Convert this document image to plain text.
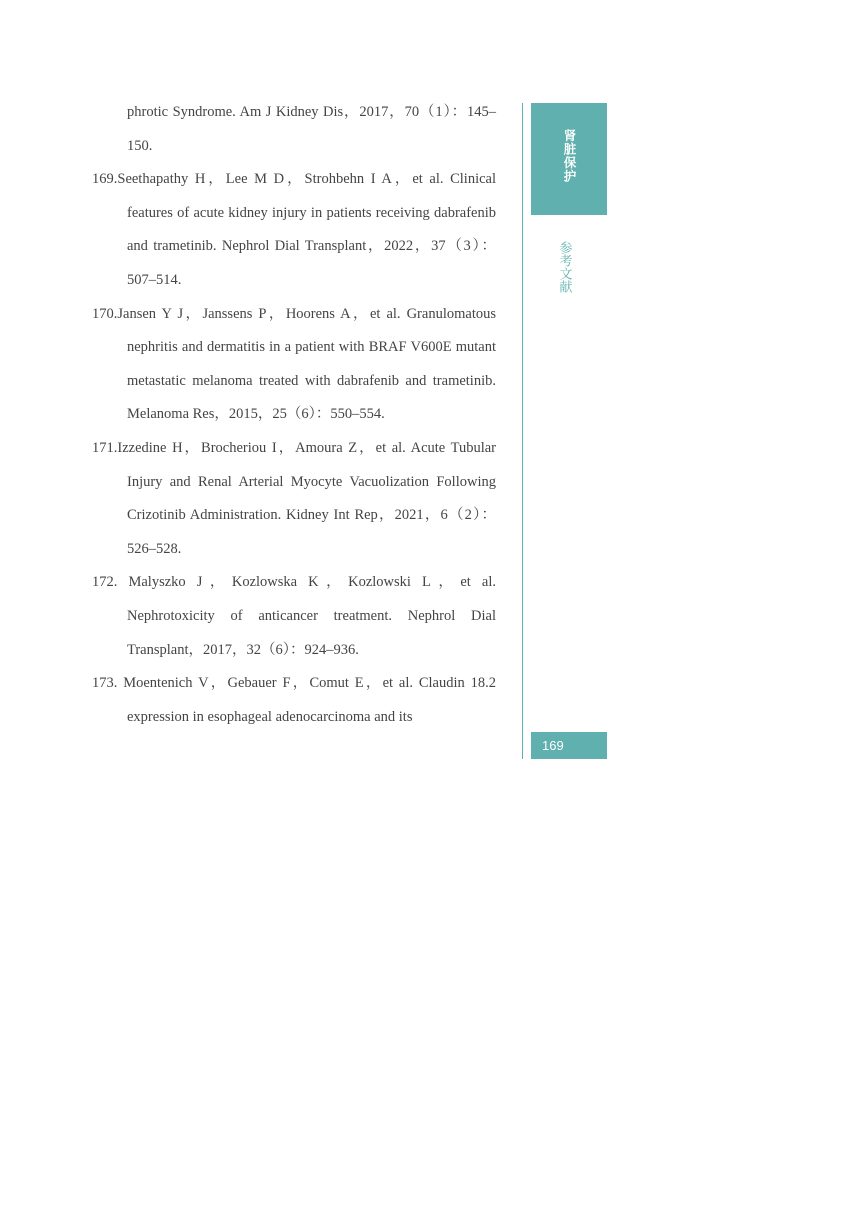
phrotic Syndrome. Am J Kidney Dis，2017，70（1）：145–150.

169.Seethapathy H，Lee M D，Strohbehn I A，et al. Clinical features of acute kidney injury in patients receiving dabrafenib and trametinib. Nephrol Dial Transplant，2022，37（3）：507–514.

170.Jansen Y J，Janssens P，Hoorens A，et al. Granulomatous nephritis and dermatitis in a patient with BRAF V600E mutant metastatic melanoma treated with dabrafenib and trametinib. Melanoma Res，2015，25（6）：550–554.

171.Izzedine H，Brocheriou I，Amoura Z，et al. Acute Tubular Injury and Renal Arterial Myocyte Vacuolization Following Crizotinib Administration. Kidney Int Rep，2021，6（2）：526–528.

172. Malyszko J，Kozlowska K，Kozlowski L，et al. Nephrotoxicity of anticancer treatment. Nephrol Dial Transplant，2017，32（6）：924–936.

173. Moentenich V，Gebauer F，Comut E，et al. Claudin 18.2 expression in esophageal adenocarcinoma and its

肾脏保护
参考文献
169
